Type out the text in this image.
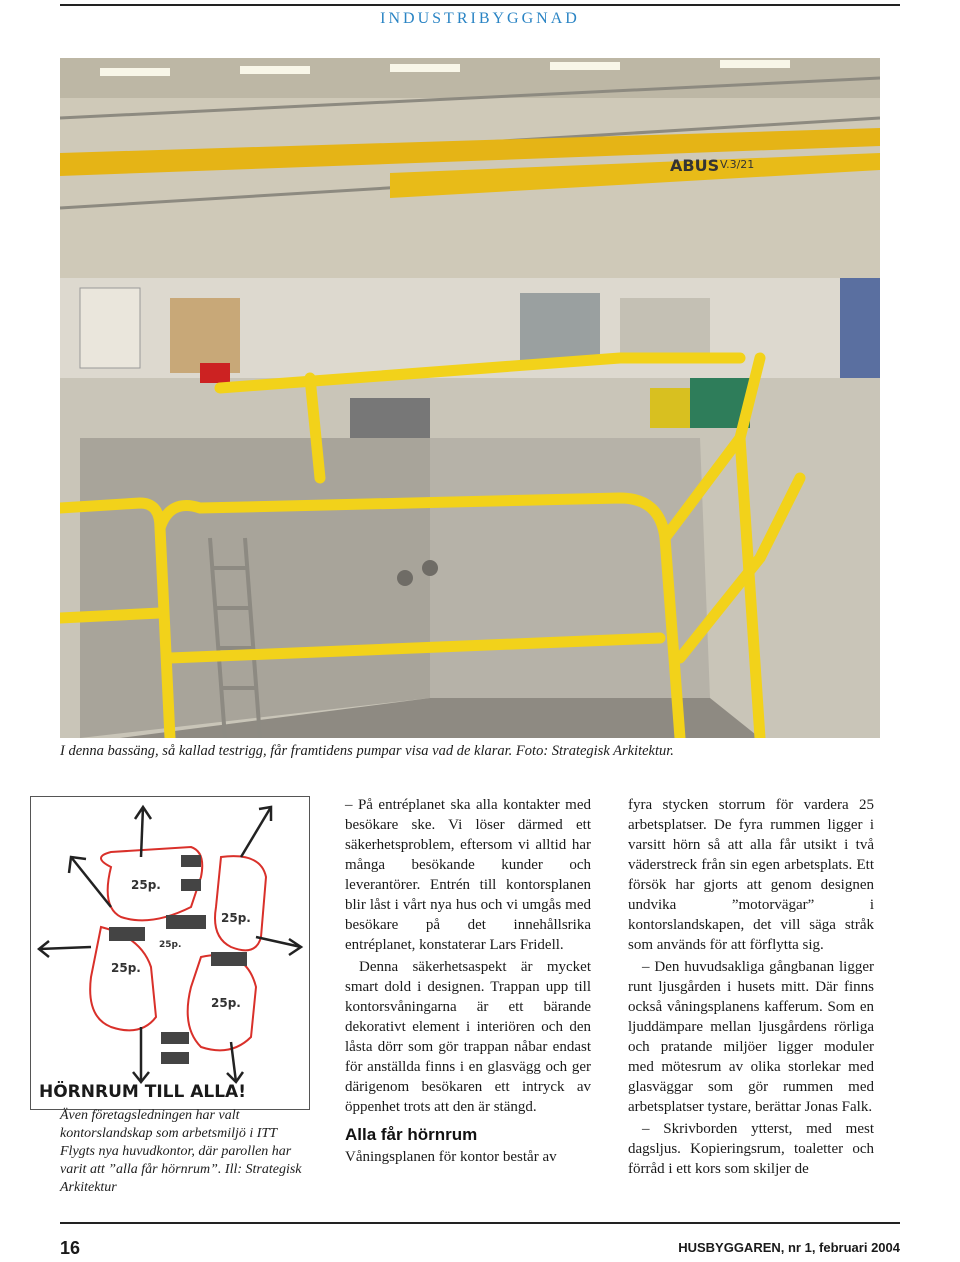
INDUSTRIBYGGNAD
ABUS V.3/21
I denna bassäng, så kallad testrigg, får framtidens pumpar visa vad de klarar. Foto: Strategisk Arkitektur.
25p.
25p.
25p.
25p.
25p.
HÖRNRUM TILL ALLA!
Även företagsledningen har valt kontorslandskap som arbetsmiljö i ITT Flygts nya huvudkontor, där parollen har varit att ”alla får hörnrum”. Ill: Strategisk Arkitektur

– På entréplanet ska alla kontakter med besökare ske. Vi löser därmed ett säkerhetsproblem, eftersom vi alltid har många besökande kunder och leverantörer. Entrén till kontorsplanen blir låst i vårt nya hus och vi umgås med besökare på det innehållsrika entréplanet, konstaterar Lars Fridell.

Denna säkerhetsaspekt är mycket smart dold i designen. Trappan upp till kontorsvåningarna är ett bärande dekorativt element i interiören och den låsta dörr som gör trappan nåbar endast för anställda finns i en glasvägg och ger därigenom besökaren ett intryck av öppenhet trots att den är stängd.

Alla får hörnrum

Våningsplanen för kontor består av

fyra stycken storrum för vardera 25 arbetsplatser. De fyra rummen ligger i varsitt hörn så att alla får utsikt i två väderstreck från sin egen arbetsplats. Ett försök har gjorts att genom designen undvika ”motorvägar” i kontorslandskapen, det vill säga stråk som används för att förflytta sig.

– Den huvudsakliga gångbanan ligger runt ljusgården i husets mitt. Där finns också våningsplanens kafferum. Som en ljuddämpare mellan ljusgårdens rörliga och pratande miljöer ligger moduler med mötesrum av olika storlekar med glasväggar som gör rummen med arbetsplatser tystare, berättar Jonas Falk.

– Skrivborden ytterst, med mest dagsljus. Kopieringsrum, toaletter och förråd i ett kors som skiljer de

16	HUSBYGGAREN, nr 1, februari 2004
